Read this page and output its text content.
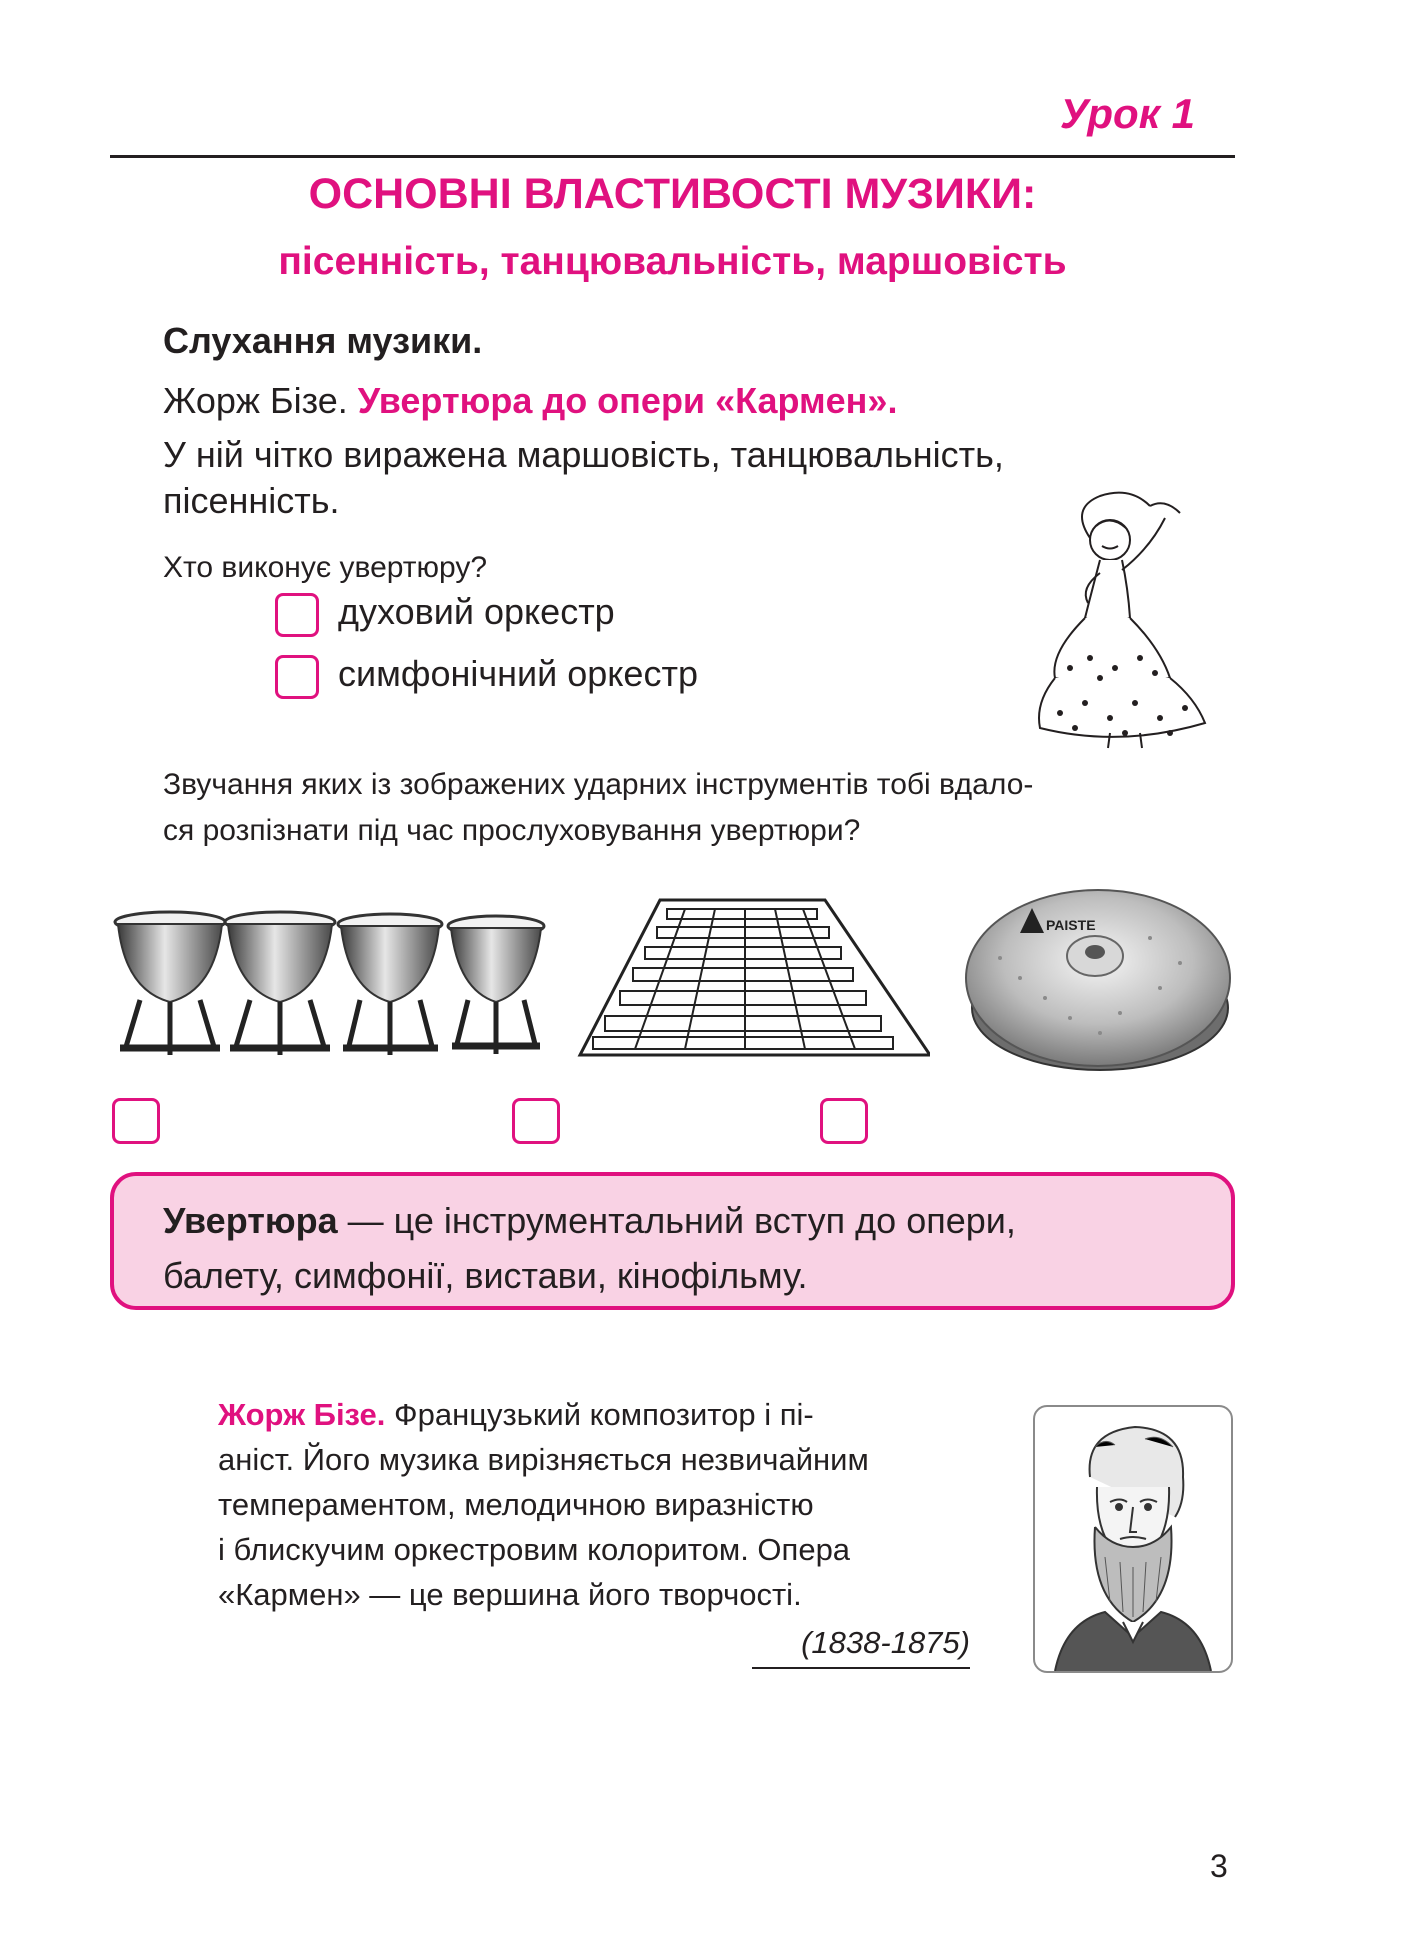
Урок 1
ОСНОВНІ ВЛАСТИВОСТІ МУЗИКИ:
пісенність, танцювальність, маршовість
Слухання музики.
Жорж Бізе. Увертюра до опери «Кармен».
У ній чітко виражена маршовість, танцювальність,
пісенність.
Хто виконує увертюру?
духовий оркестр
симфонічний оркестр
Звучання яких із зображених ударних інструментів тобі вдало-
ся розпізнати під час прослуховування увертюри?
PAISTE
Увертюра — це інструментальний вступ до опери,
балету, симфонії, вистави, кінофільму.
Жорж Бізе. Французький композитор і пі-
аніст. Його музика вирізняється незвичайним
темпераментом, мелодичною виразністю
і блискучим оркестровим колоритом. Опера
«Кармен» — це вершина його творчості.
(1838-1875)
3
